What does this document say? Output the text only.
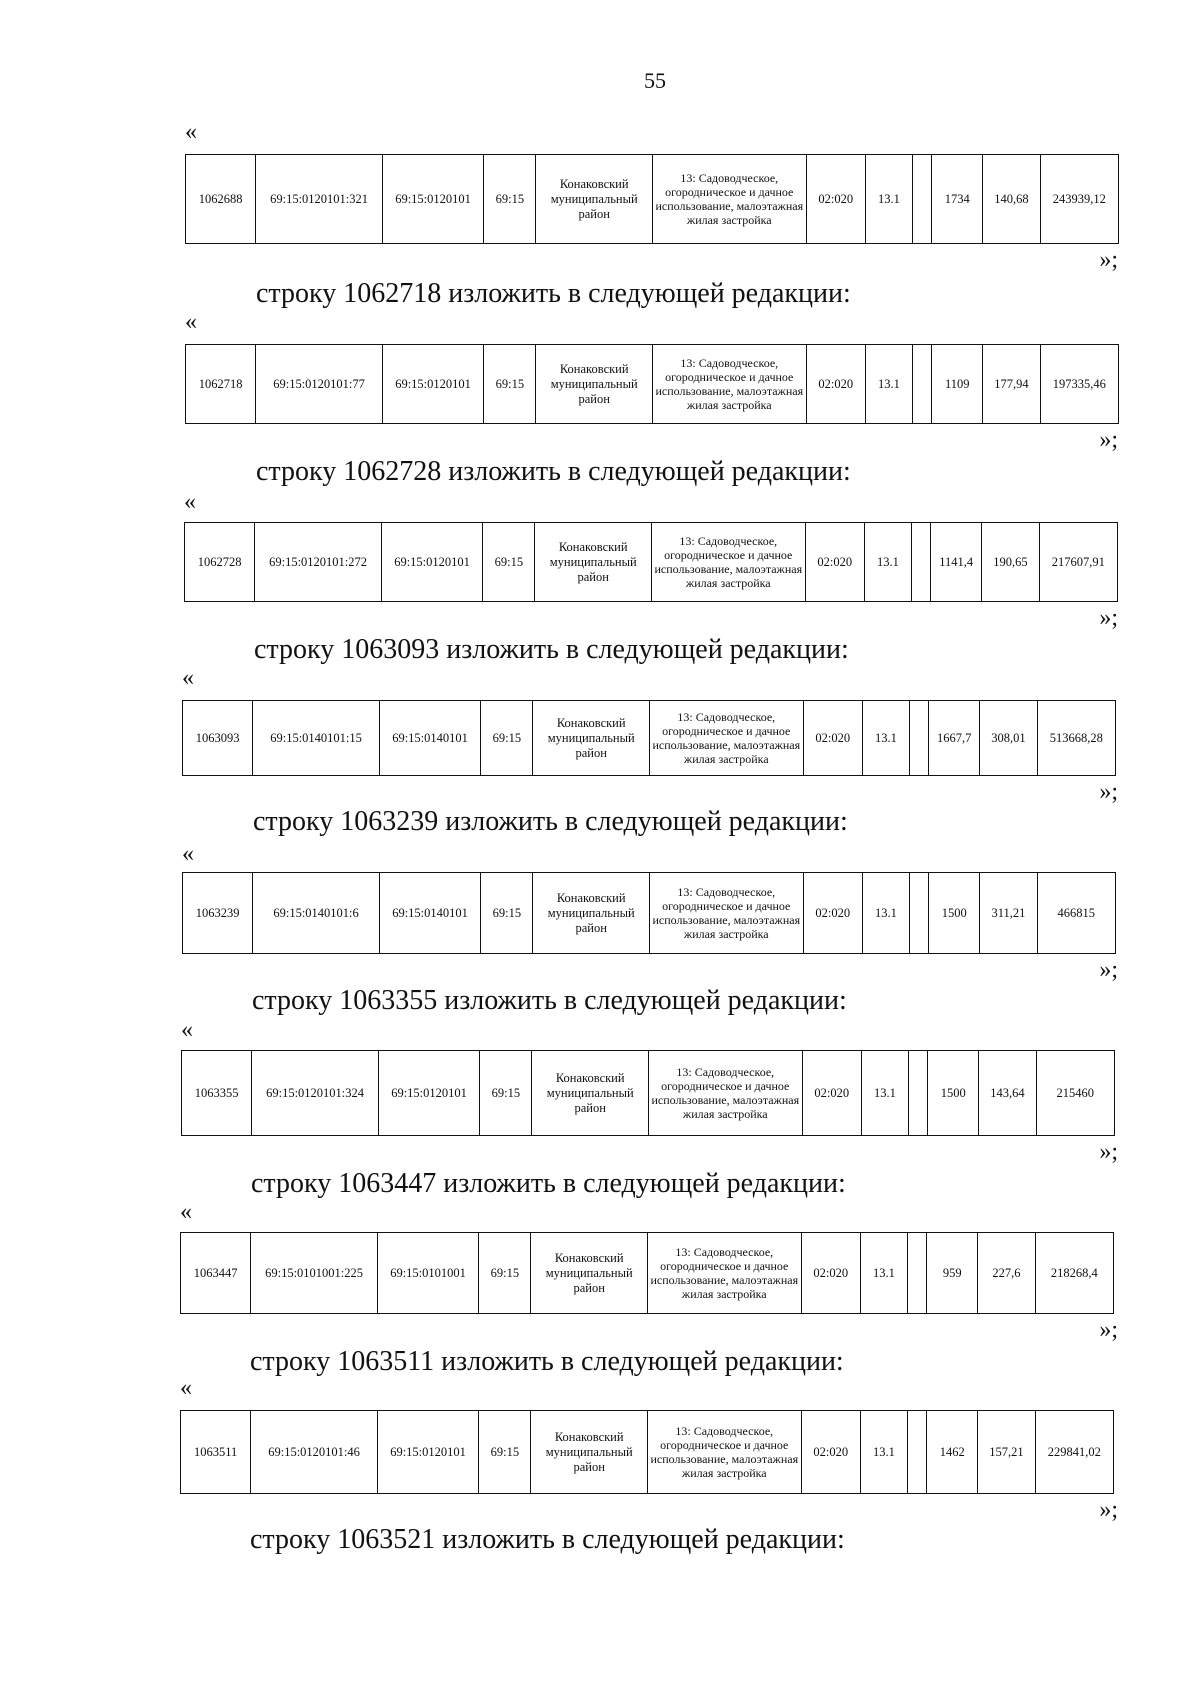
55
«
1062688	69:15:0120101:321	69:15:0120101	69:15	Конаковский муниципальный район	13: Садоводческое, огородническое и дачное использование, малоэтажная жилая застройка	02:020	13.1		1734	140,68	243939,12
»;
строку 1062718 изложить в следующей редакции:
«
1062718	69:15:0120101:77	69:15:0120101	69:15	Конаковский муниципальный район	13: Садоводческое, огородническое и дачное использование, малоэтажная жилая застройка	02:020	13.1		1109	177,94	197335,46
»;
строку 1062728 изложить в следующей редакции:
«
1062728	69:15:0120101:272	69:15:0120101	69:15	Конаковский муниципальный район	13: Садоводческое, огородническое и дачное использование, малоэтажная жилая застройка	02:020	13.1		1141,4	190,65	217607,91
»;
строку 1063093 изложить в следующей редакции:
«
1063093	69:15:0140101:15	69:15:0140101	69:15	Конаковский муниципальный район	13: Садоводческое, огородническое и дачное использование, малоэтажная жилая застройка	02:020	13.1		1667,7	308,01	513668,28
»;
строку 1063239 изложить в следующей редакции:
«
1063239	69:15:0140101:6	69:15:0140101	69:15	Конаковский муниципальный район	13: Садоводческое, огородническое и дачное использование, малоэтажная жилая застройка	02:020	13.1		1500	311,21	466815
»;
строку 1063355 изложить в следующей редакции:
«
1063355	69:15:0120101:324	69:15:0120101	69:15	Конаковский муниципальный район	13: Садоводческое, огородническое и дачное использование, малоэтажная жилая застройка	02:020	13.1		1500	143,64	215460
»;
строку 1063447 изложить в следующей редакции:
«
1063447	69:15:0101001:225	69:15:0101001	69:15	Конаковский муниципальный район	13: Садоводческое, огородническое и дачное использование, малоэтажная жилая застройка	02:020	13.1		959	227,6	218268,4
»;
строку 1063511 изложить в следующей редакции:
«
1063511	69:15:0120101:46	69:15:0120101	69:15	Конаковский муниципальный район	13: Садоводческое, огородническое и дачное использование, малоэтажная жилая застройка	02:020	13.1		1462	157,21	229841,02
»;
строку 1063521 изложить в следующей редакции:
